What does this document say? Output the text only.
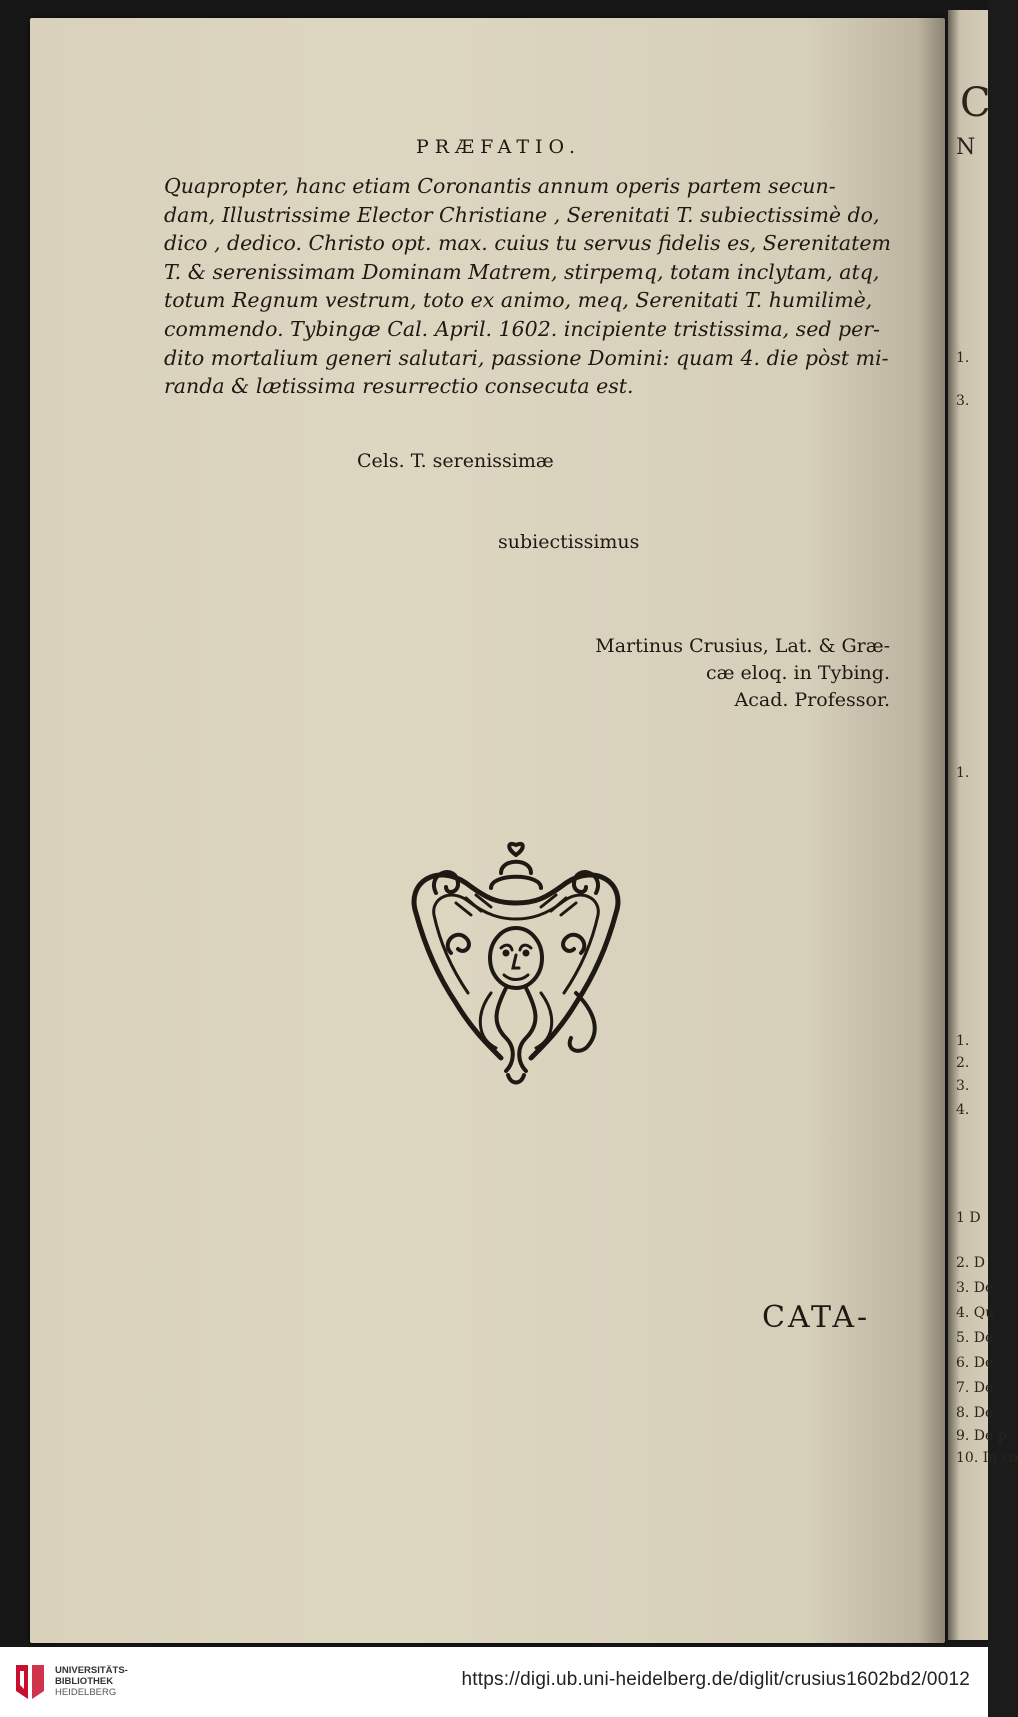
PRÆFATIO.
Quapropter, hanc etiam Coronantis annum operis partem secun-
dam, Illustrissime Elector Christiane , Serenitati T. subiectissimè do,
dico , dedico. Christo opt. max. cuius tu servus fidelis es, Serenitatem
T. & serenissimam Dominam Matrem, stirpemq, totam inclytam, atq,
totum Regnum vestrum, toto ex animo, meq, Serenitati T. humilimè,
commendo. Tybingæ Cal. April. 1602. incipiente tristissima, sed per-
dito mortalium generi salutari, passione Domini: quam 4. die pòst mi-
randa & lætissima resurrectio consecuta est.
Cels. T. serenissimæ
subiectissimus
Martinus Crusius, Lat. & Græ-
cæ eloq. in Tybing.
Acad. Professor.
CATA-
C
N
1.
3.
1.
1.
2.
3.
4.
1 D
2. D
3. De
4. Qu
5. De
6. De
7. De
8. De
9. De p
10. In co
UNIVERSITÄTS-
BIBLIOTHEK
HEIDELBERG
https://digi.ub.uni-heidelberg.de/diglit/crusius1602bd2/0012
